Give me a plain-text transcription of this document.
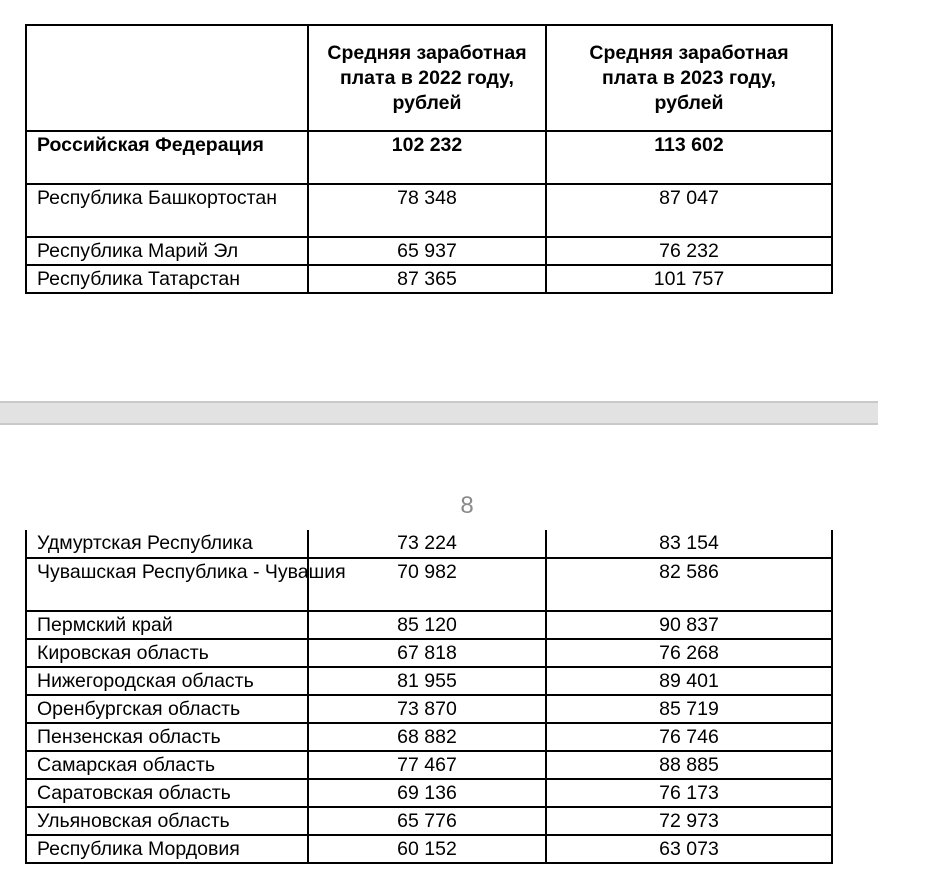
	Средняя заработная плата в 2022 году, рублей	Средняя заработная плата в 2023 году, рублей
Российская Федерация	102 232	113 602
Республика Башкортостан	78 348	87 047
Республика Марий Эл	65 937	76 232
Республика Татарстан	87 365	101 757
8
Удмуртская Республика	73 224	83 154
Чувашская Республика - Чувашия	70 982	82 586
Пермский край	85 120	90 837
Кировская область	67 818	76 268
Нижегородская область	81 955	89 401
Оренбургская область	73 870	85 719
Пензенская область	68 882	76 746
Самарская область	77 467	88 885
Саратовская область	69 136	76 173
Ульяновская область	65 776	72 973
Республика Мордовия	60 152	63 073
